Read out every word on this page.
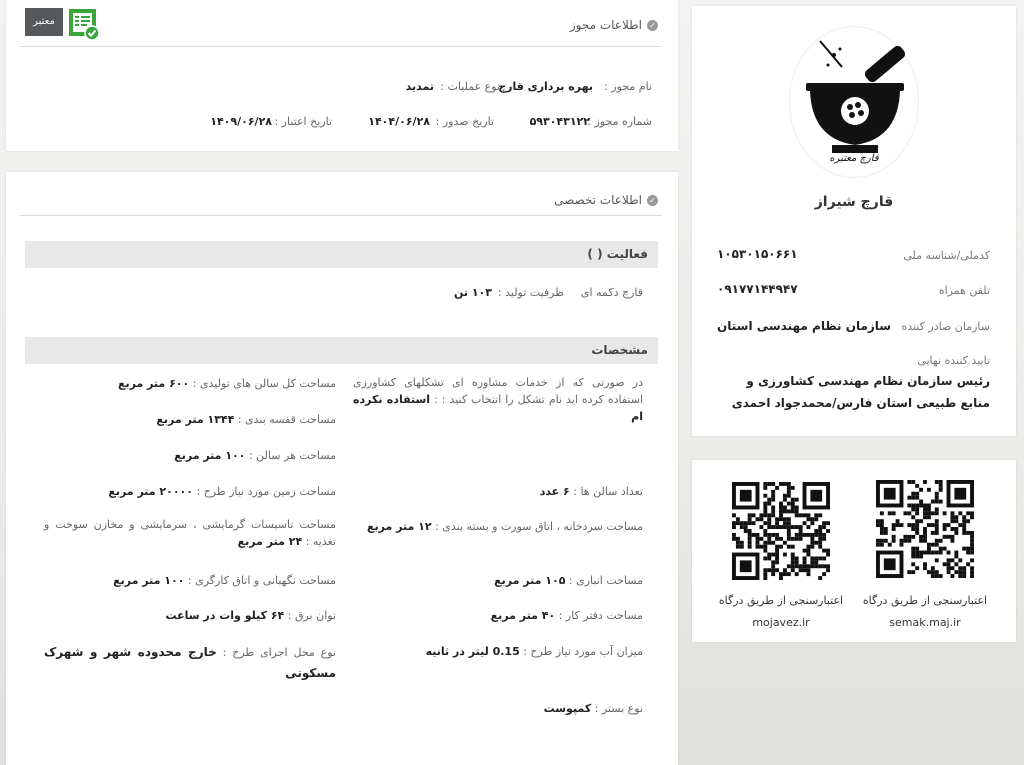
✓
اطلاعات مجوز
معتبر
نام مجوز :
بهره برداری قارچ
نوع عملیات :
تمدید
شماره مجوز :
۵۹۳۰۴۳۱۲۲
تاریخ صدور :
۱۴۰۴/۰۶/۲۸
تاریخ اعتبار :
۱۴۰۹/۰۶/۲۸
✓
اطلاعات تخصصی
فعالیت ( )
قارچ دکمه ای
ظرفیت تولید :
۱۰۳ تن
مشخصات
در صورتی که از خدمات مشاوره ای تشکلهای کشاورزی استفاده کرده اید نام تشکل را انتخاب کنید : : استفاده نکرده ام
تعداد سالن ها : ۶ عدد
مساحت سردخانه ، اتاق سورت و بسته بندی : ۱۲ متر مربع
مساحت انباری : ۱۰۵ متر مربع
مساحت دفتر کار : ۴۰ متر مربع
میزان آب مورد نیاز طرح : 0.15 لیتر در ثانیه
نوع بستر : کمپوست
مساحت کل سالن های تولیدی : ۶۰۰ متر مربع
مساحت قفسه بندی : ۱۳۴۴ متر مربع
مساحت هر سالن : ۱۰۰ متر مربع
مساحت زمین مورد نیاز طرح : ۲۰۰۰۰ متر مربع
مساحت تاسیسات گرمایشی ، سرمایشی و مخازن سوخت و تغذیه : ۲۴ متر مربع
مساحت نگهبانی و اتاق کارگری : ۱۰۰ متر مربع
توان برق : ۶۴ کیلو وات در ساعت
نوع محل اجرای طرح : خارج محدوده شهر و شهرک مسکونی
قارچ معتبره
قارچ شیراز
کدملی/شناسه ملی
۱۰۵۳۰۱۵۰۶۶۱
تلفن همراه
۰۹۱۷۷۱۴۴۹۴۷
سازمان صادر کننده
سازمان نظام مهندسی استان
تایید کننده نهایی
رئیس سازمان نظام مهندسی کشاورزی و منابع طبیعی استان فارس/محمدجواد احمدی
اعتبارسنجی از طریق درگاه
semak.maj.ir
اعتبارسنجی از طریق درگاه
mojavez.ir
